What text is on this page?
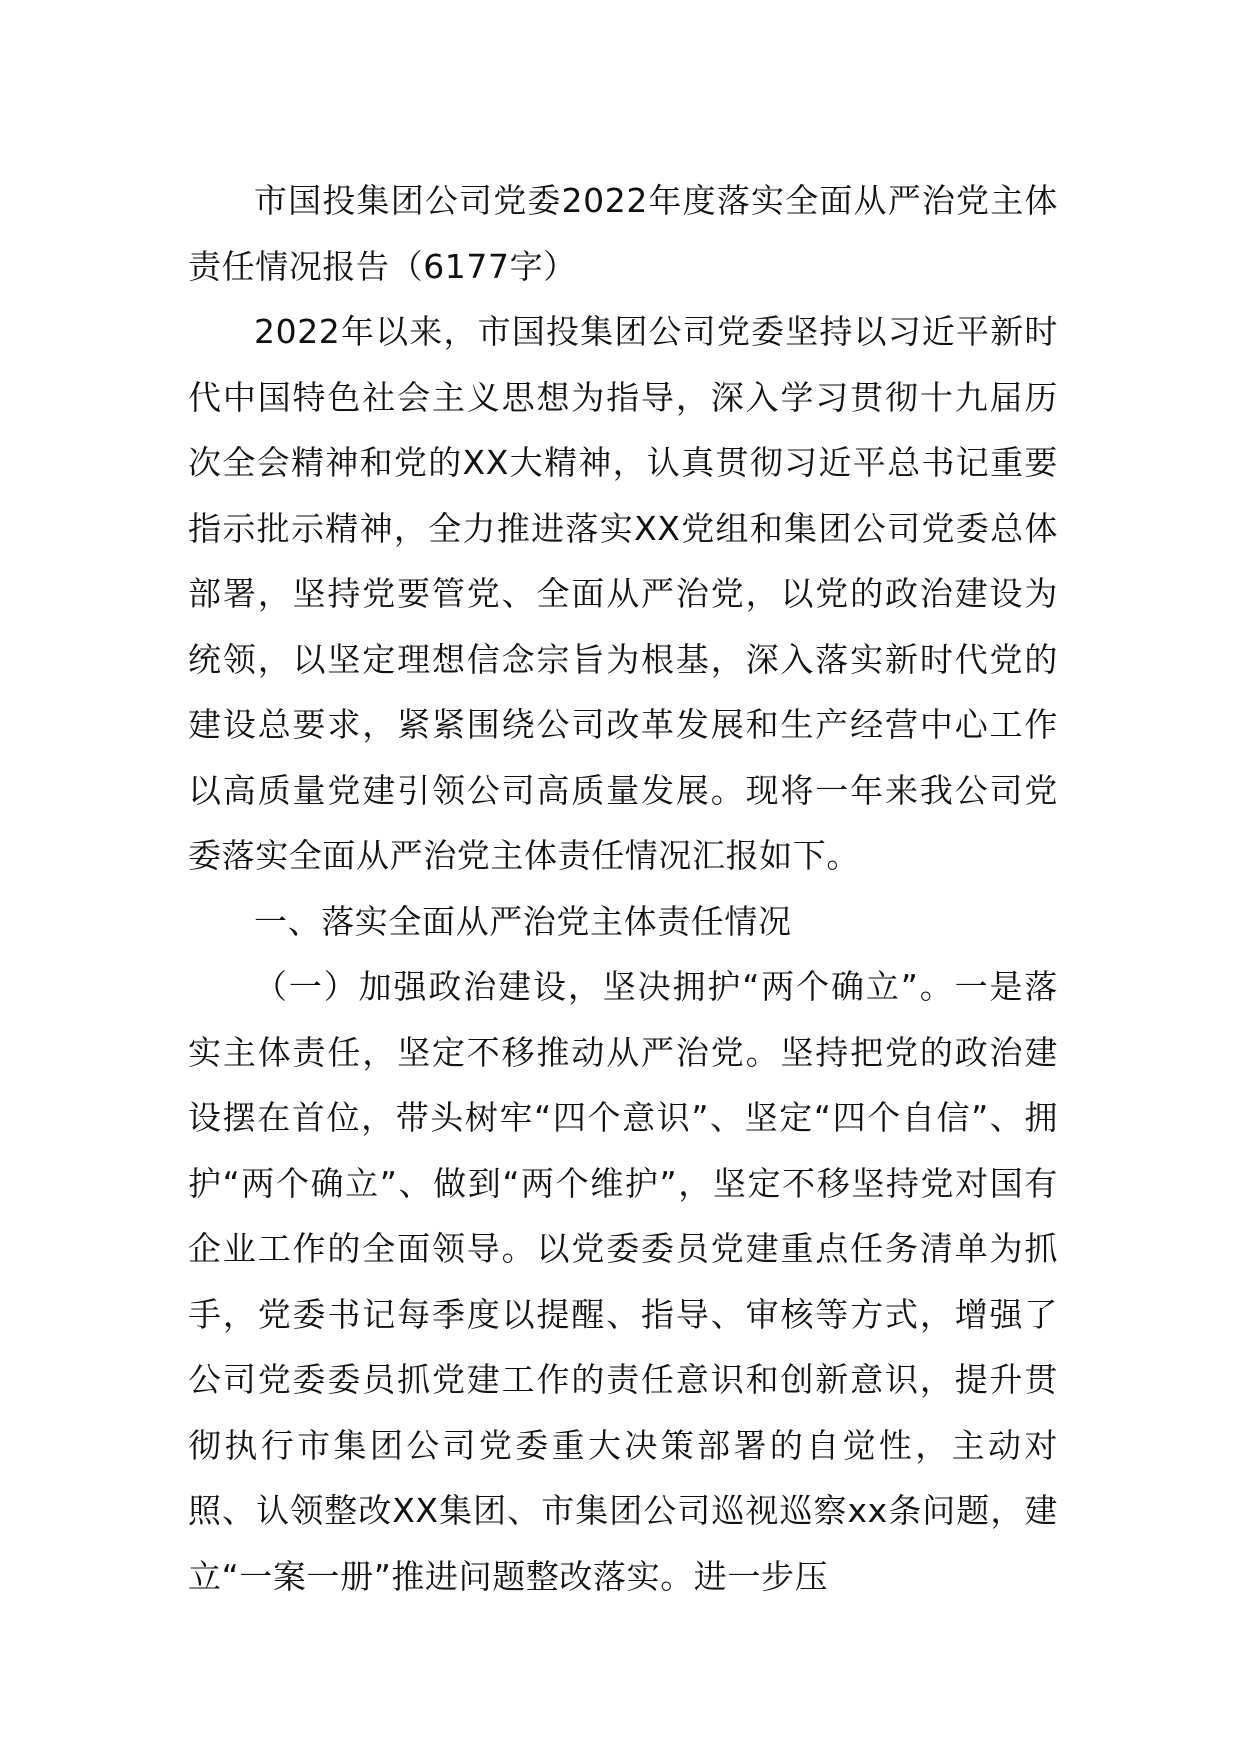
市国投集团公司党委2022年度落实全面从严治党主体责任情况报告（6177字）

2022年以来，市国投集团公司党委坚持以习近平新时代中国特色社会主义思想为指导，深入学习贯彻十九届历次全会精神和党的XX大精神，认真贯彻习近平总书记重要指示批示精神，全力推进落实XX党组和集团公司党委总体部署，坚持党要管党、全面从严治党，以党的政治建设为统领，以坚定理想信念宗旨为根基，深入落实新时代党的建设总要求，紧紧围绕公司改革发展和生产经营中心工作以高质量党建引领公司高质量发展。现将一年来我公司党委落实全面从严治党主体责任情况汇报如下。

一、落实全面从严治党主体责任情况

（一）加强政治建设，坚决拥护“两个确立”。一是落实主体责任，坚定不移推动从严治党。坚持把党的政治建设摆在首位，带头树牢“四个意识”、坚定“四个自信”、拥护“两个确立”、做到“两个维护”，坚定不移坚持党对国有企业工作的全面领导。以党委委员党建重点任务清单为抓手，党委书记每季度以提醒、指导、审核等方式，增强了公司党委委员抓党建工作的责任意识和创新意识，提升贯彻执行市集团公司党委重大决策部署的自觉性，主动对照、认领整改XX集团、市集团公司巡视巡察xx条问题，建立“一案一册”推进问题整改落实。进一步压
